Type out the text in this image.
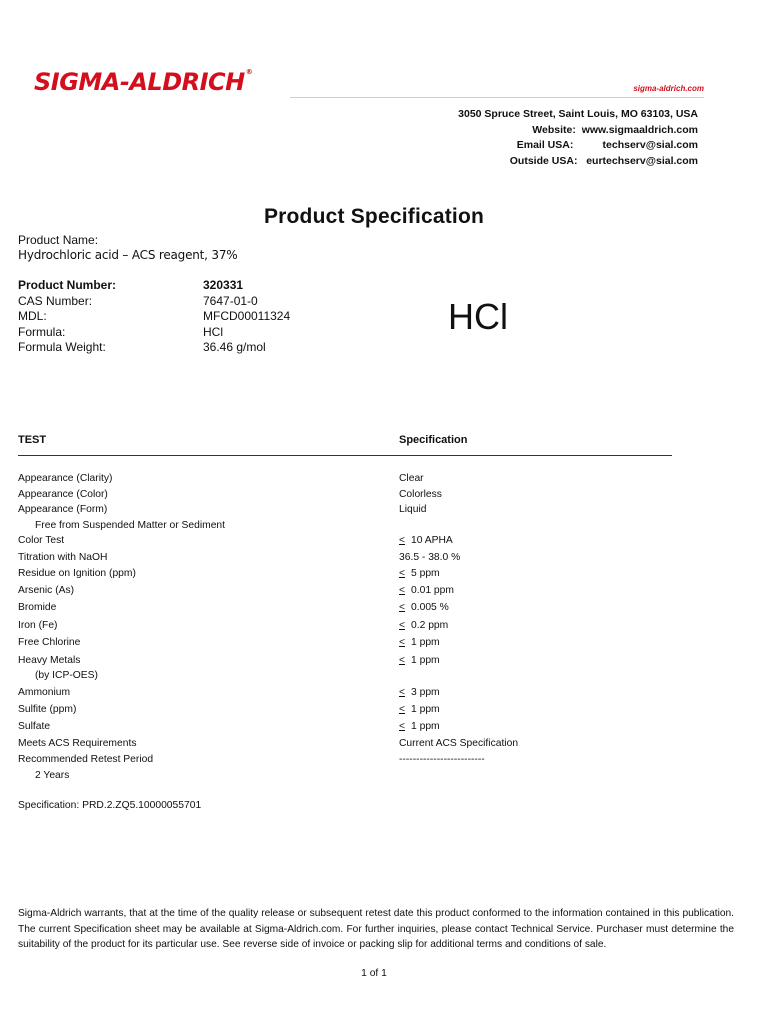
SIGMA-ALDRICH®
sigma-aldrich.com
3050 Spruce Street, Saint Louis, MO 63103, USA
Website: www.sigmaaldrich.com
Email USA:	techserv@sial.com
Outside USA: eurtechserv@sial.com
Product Specification
Product Name:
Hydrochloric acid – ACS reagent, 37%
Product Number:	320331
CAS Number:	7647-01-0
MDL:	MFCD00011324
Formula:	HCl
Formula Weight:	36.46 g/mol
HCl
TEST	Specification
Appearance (Clarity)	Clear
Appearance (Color)	Colorless
Appearance (Form)	Liquid
Free from Suspended Matter or Sediment
Color Test	≤ 10 APHA
Titration with NaOH	36.5 - 38.0 %
Residue on Ignition (ppm)	≤ 5 ppm
Arsenic (As)	≤ 0.01 ppm
Bromide	≤ 0.005 %
Iron (Fe)	≤ 0.2 ppm
Free Chlorine	≤ 1 ppm
Heavy Metals	≤ 1 ppm
(by ICP-OES)
Ammonium	≤ 3 ppm
Sulfite (ppm)	≤ 1 ppm
Sulfate	≤ 1 ppm
Meets ACS Requirements	Current ACS Specification
Recommended Retest Period	-------------------------
2 Years
Specification: PRD.2.ZQ5.10000055701
Sigma-Aldrich warrants, that at the time of the quality release or subsequent retest date this product conformed to the information contained in this publication. The current Specification sheet may be available at Sigma-Aldrich.com. For further inquiries, please contact Technical Service. Purchaser must determine the suitability of the product for its particular use. See reverse side of invoice or packing slip for additional terms and conditions of sale.
1 of 1
